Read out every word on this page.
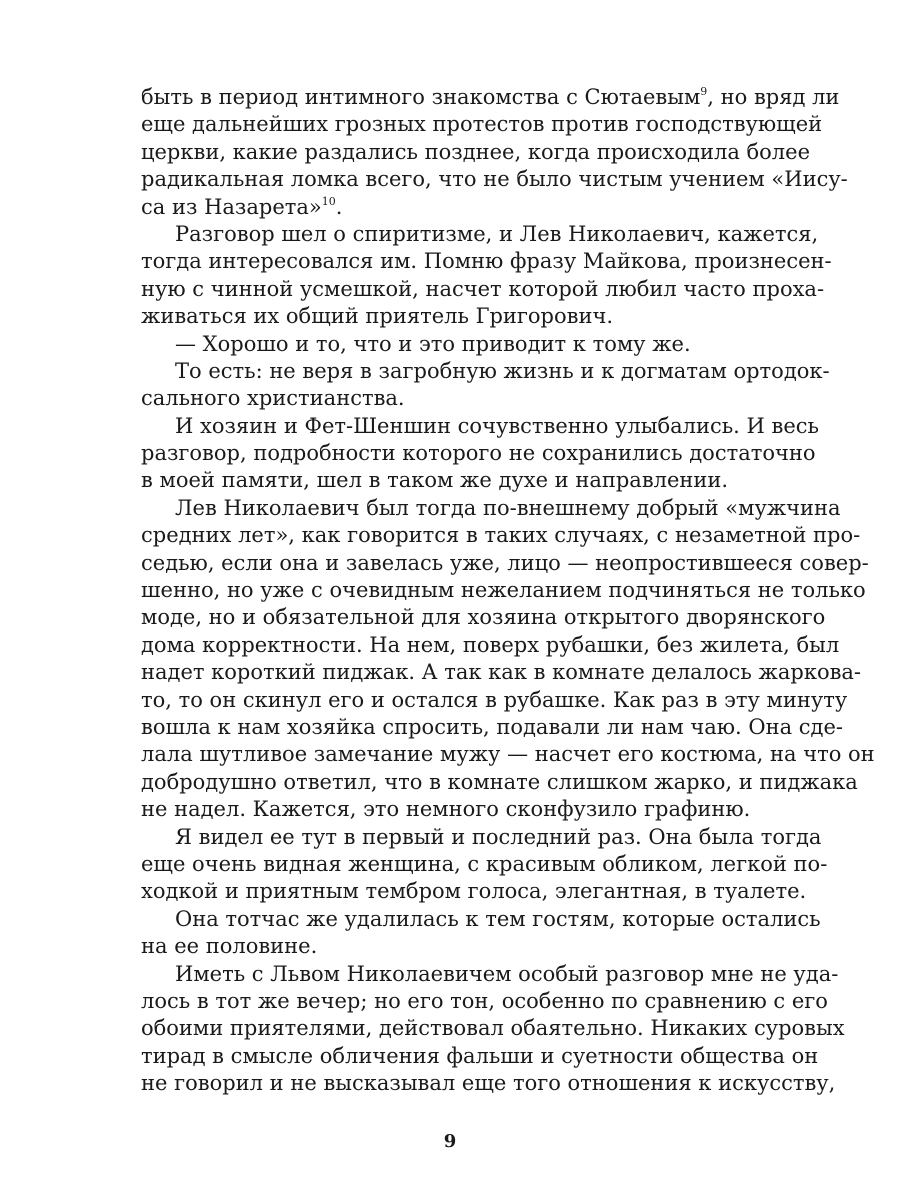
быть в период интимного знакомства с Сютаевым$^9$, но вряд ли
еще дальнейших грозных протестов против господствующей
церкви, какие раздались позднее, когда происходила более
радикальная ломка всего, что не было чистым учением «Иису-
са из Назарета»$^{10}$.
Разговор шел о спиритизме, и Лев Николаевич, кажется,
тогда интересовался им. Помню фразу Майкова, произнесен-
ную с чинной усмешкой, насчет которой любил часто проха-
живаться их общий приятель Григорович.
— Хорошо и то, что и это приводит к тому же.
То есть: не веря в загробную жизнь и к догматам ортодок-
сального христианства.
И хозяин и Фет-Шеншин сочувственно улыбались. И весь
разговор, подробности которого не сохранились достаточно
в моей памяти, шел в таком же духе и направлении.
Лев Николаевич был тогда по-внешнему добрый «мужчина
средних лет», как говорится в таких случаях, с незаметной про-
седью, если она и завелась уже, лицо — неопростившееся совер-
шенно, но уже с очевидным нежеланием подчиняться не только
моде, но и обязательной для хозяина открытого дворянского
дома корректности. На нем, поверх рубашки, без жилета, был
надет короткий пиджак. А так как в комнате делалось жарковa-
то, то он скинул его и остался в рубашке. Как раз в эту минуту
вошла к нам хозяйка спросить, подавали ли нам чаю. Она сде-
лала шутливое замечание мужу — насчет его костюма, на что он
добродушно ответил, что в комнате слишком жарко, и пиджака
не надел. Кажется, это немного сконфузило графиню.
Я видел ее тут в первый и последний раз. Она была тогда
еще очень видная женщина, с красивым обликом, легкой по-
ходкой и приятным тембром голоса, элегантная, в туалете.
Она тотчас же удалилась к тем гостям, которые остались
на ее половине.
Иметь с Львом Николаевичем особый разговор мне не уда-
лось в тот же вечер; но его тон, особенно по сравнению с его
обоими приятелями, действовал обаятельно. Никаких суровых
тирад в смысле обличения фальши и суетности общества он
не говорил и не высказывал еще того отношения к искусству,
9
